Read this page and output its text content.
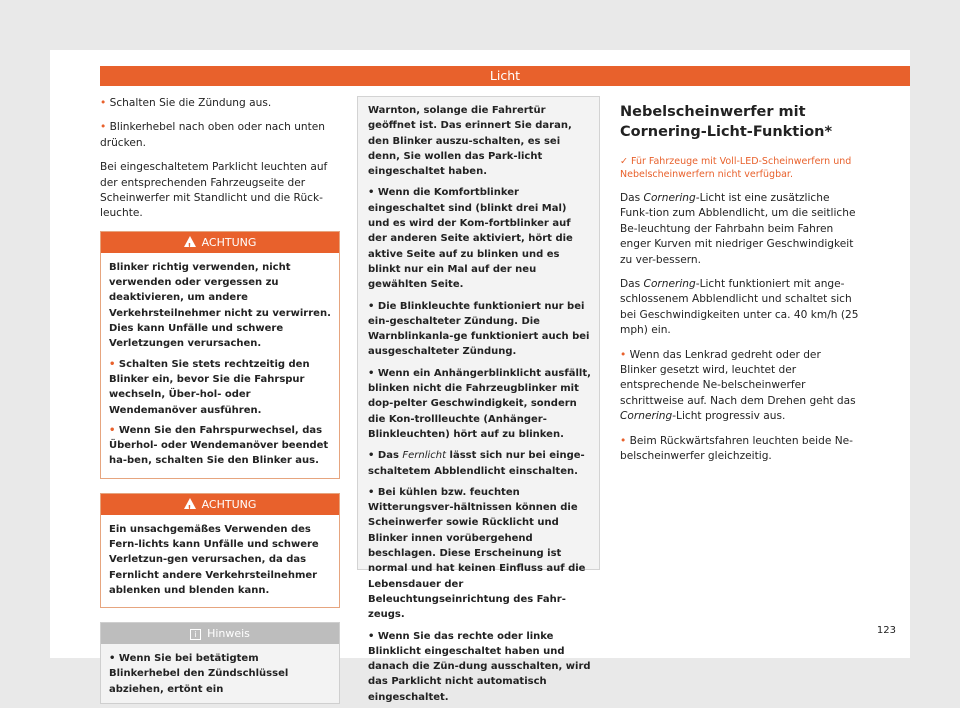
Licht

• Schalten Sie die Zündung aus.

• Blinkerhebel nach oben oder nach unten drücken.

Bei eingeschaltetem Parklicht leuchten auf der entsprechenden Fahrzeugseite der Scheinwerfer mit Standlicht und die Rück-leuchte.

!ACHTUNG

Blinker richtig verwenden, nicht verwenden oder vergessen zu deaktivieren, um andere Verkehrsteilnehmer nicht zu verwirren. Dies kann Unfälle und schwere Verletzungen verursachen.

• Schalten Sie stets rechtzeitig den Blinker ein, bevor Sie die Fahrspur wechseln, Über-hol- oder Wendemanöver ausführen.

• Wenn Sie den Fahrspurwechsel, das Überhol- oder Wendemanöver beendet ha-ben, schalten Sie den Blinker aus.

!ACHTUNG

Ein unsachgemäßes Verwenden des Fern-lichts kann Unfälle und schwere Verletzun-gen verursachen, da das Fernlicht andere Verkehrsteilnehmer ablenken und blenden kann.

i Hinweis

• Wenn Sie bei betätigtem Blinkerhebel den Zündschlüssel abziehen, ertönt ein

Warnton, solange die Fahrertür geöffnet ist. Das erinnert Sie daran, den Blinker auszu-schalten, es sei denn, Sie wollen das Park-licht eingeschaltet haben.

• Wenn die Komfortblinker eingeschaltet sind (blinkt drei Mal) und es wird der Kom-fortblinker auf der anderen Seite aktiviert, hört die aktive Seite auf zu blinken und es blinkt nur ein Mal auf der neu gewählten Seite.

• Die Blinkleuchte funktioniert nur bei ein-geschalteter Zündung. Die Warnblinkanla-ge funktioniert auch bei ausgeschalteter Zündung.

• Wenn ein Anhängerblinklicht ausfällt, blinken nicht die Fahrzeugblinker mit dop-pelter Geschwindigkeit, sondern die Kon-trollleuchte (Anhänger-Blinkleuchten) hört auf zu blinken.

• Das Fernlicht lässt sich nur bei einge-schaltetem Abblendlicht einschalten.

• Bei kühlen bzw. feuchten Witterungsver-hältnissen können die Scheinwerfer sowie Rücklicht und Blinker innen vorübergehend beschlagen. Diese Erscheinung ist normal und hat keinen Einfluss auf die Lebensdauer der Beleuchtungseinrichtung des Fahr-zeugs.

• Wenn Sie das rechte oder linke Blinklicht eingeschaltet haben und danach die Zün-dung ausschalten, wird das Parklicht nicht automatisch eingeschaltet.

Nebelscheinwerfer mit Cornering-Licht-Funktion*

✓ Für Fahrzeuge mit Voll-LED-Scheinwerfern und Nebelscheinwerfern nicht verfügbar.

Das Cornering-Licht ist eine zusätzliche Funk-tion zum Abblendlicht, um die seitliche Be-leuchtung der Fahrbahn beim Fahren enger Kurven mit niedriger Geschwindigkeit zu ver-bessern.

Das Cornering-Licht funktioniert mit ange-schlossenem Abblendlicht und schaltet sich bei Geschwindigkeiten unter ca. 40 km/h (25 mph) ein.

• Wenn das Lenkrad gedreht oder der Blinker gesetzt wird, leuchtet der entsprechende Ne-belscheinwerfer schrittweise auf. Nach dem Drehen geht das Cornering-Licht progressiv aus.

• Beim Rückwärtsfahren leuchten beide Ne-belscheinwerfer gleichzeitig.

123
